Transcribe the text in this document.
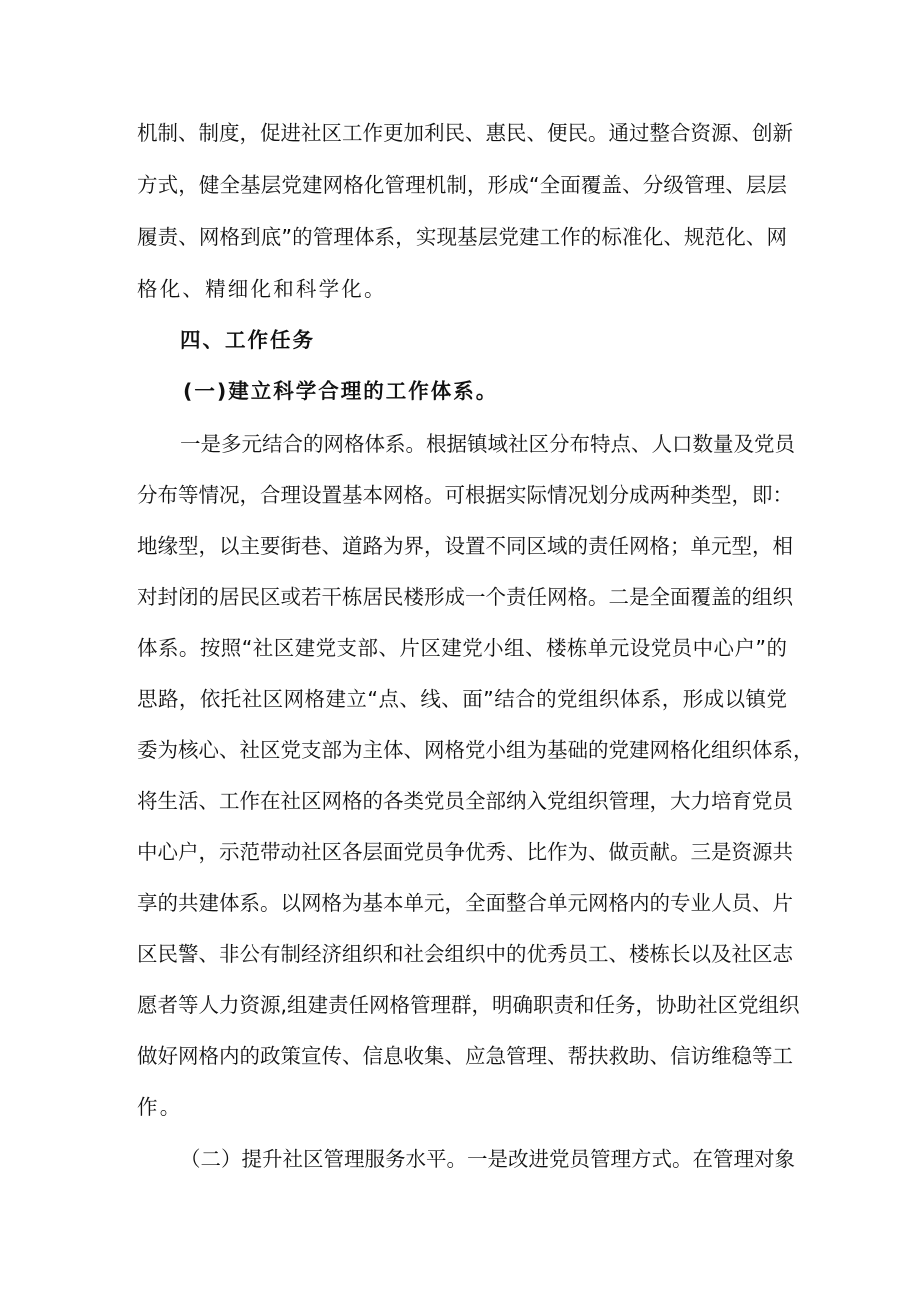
机制、制度，促进社区工作更加利民、惠民、便民。通过整合资源、创新
方式，健全基层党建网格化管理机制，形成“全面覆盖、分级管理、层层
履责、网格到底”的管理体系，实现基层党建工作的标准化、规范化、网
格化、精细化和科学化。
四、工作任务
(一)建立科学合理的工作体系。
一是多元结合的网格体系。根据镇域社区分布特点、人口数量及党员
分布等情况，合理设置基本网格。可根据实际情况划分成两种类型，即：
地缘型，以主要街巷、道路为界，设置不同区域的责任网格；单元型，相
对封闭的居民区或若干栋居民楼形成一个责任网格。二是全面覆盖的组织
体系。按照“社区建党支部、片区建党小组、楼栋单元设党员中心户”的
思路，依托社区网格建立“点、线、面”结合的党组织体系，形成以镇党
委为核心、社区党支部为主体、网格党小组为基础的党建网格化组织体系，
将生活、工作在社区网格的各类党员全部纳入党组织管理，大力培育党员
中心户，示范带动社区各层面党员争优秀、比作为、做贡献。三是资源共
享的共建体系。以网格为基本单元，全面整合单元网格内的专业人员、片
区民警、非公有制经济组织和社会组织中的优秀员工、楼栋长以及社区志
愿者等人力资源,组建责任网格管理群，明确职责和任务，协助社区党组织
做好网格内的政策宣传、信息收集、应急管理、帮扶救助、信访维稳等工
作。
（二）提升社区管理服务水平。一是改进党员管理方式。在管理对象
